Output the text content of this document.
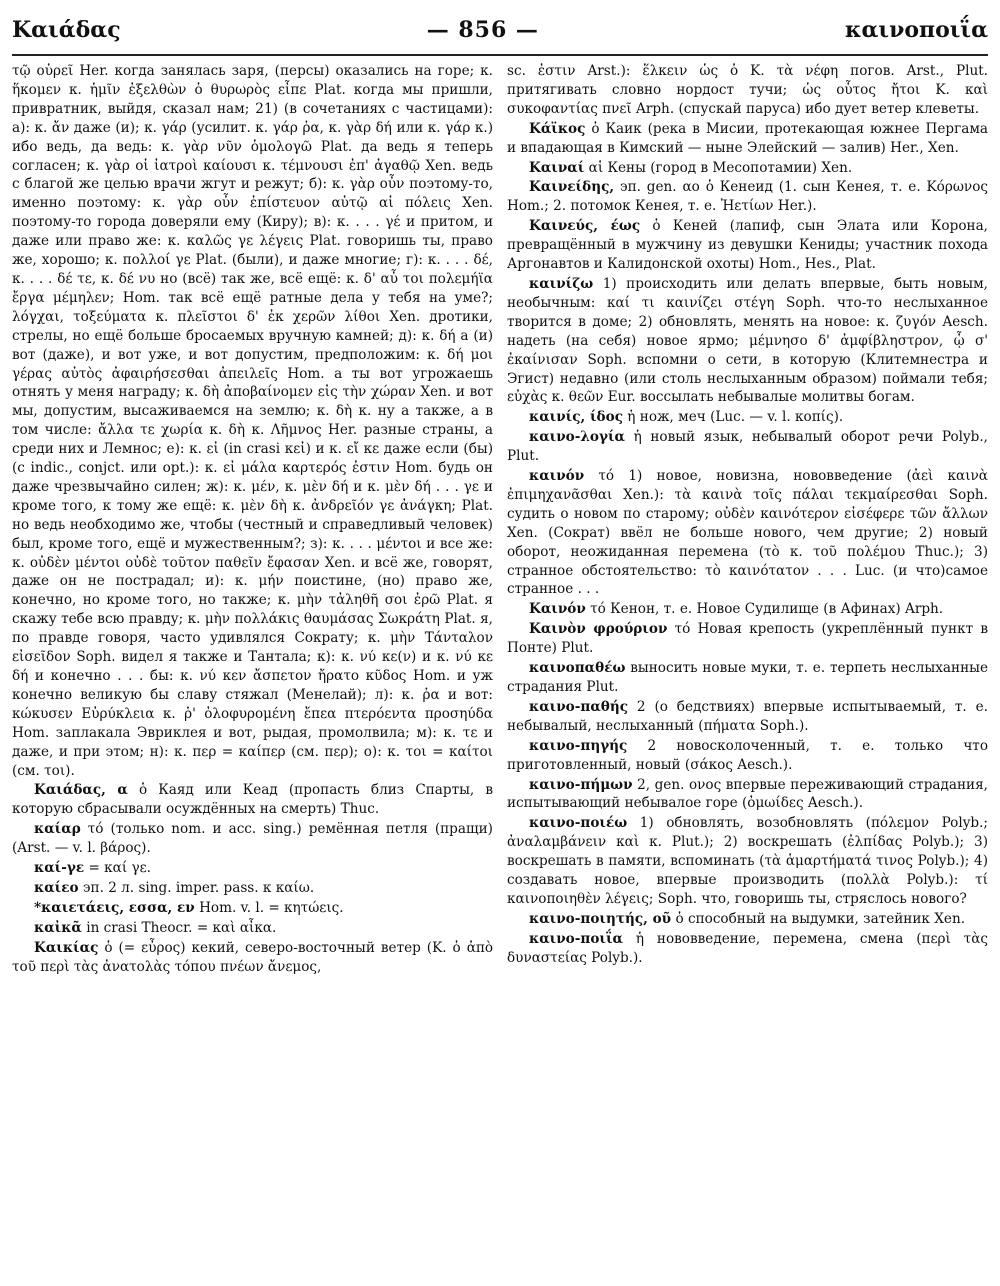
Καιάδας	— 856 —	καινοποιΐα

τῷ οὐρεῖ Her. когда занялась заря, (персы) оказались на горе; κ. ἥκομεν κ. ἡμῖν ἐξελθὼν ὁ θυρωρὸς εἶπε Plat. когда мы пришли, привратник, выйдя, сказал нам; 21) (в сочетаниях с частицами): а): κ. ἄν даже (и); κ. γάρ (усилит. κ. γάρ ῥα, κ. γὰρ δή или κ. γάρ κ.) ибо ведь, да ведь: κ. γὰρ νῦν ὁμολογῶ Plat. да ведь я теперь согласен; κ. γὰρ οἱ ἰατροὶ καίουσι κ. τέμνουσι ἐπ' ἀγαθῷ Xen. ведь с благой же целью врачи жгут и режут; б): κ. γὰρ οὖν поэтому-то, именно поэтому: κ. γὰρ οὖν ἐπίστευον αὐτῷ αἱ πόλεις Xen. поэтому-то города доверяли ему (Киру); в): κ. . . . γέ и притом, и даже или право же: κ. καλῶς γε λέγεις Plat. говоришь ты, право же, хорошо; κ. πολλοί γε Plat. (были), и даже многие; г): κ. . . . δέ, κ. . . . δέ τε, κ. δέ νυ но (всё) так же, всё ещё: κ. δ' αὖ τοι πολεμήϊα ἔργα μέμηλεν; Hom. так всё ещё ратные дела у тебя на уме?; λόγχαι, τοξεύματα κ. πλεῖστοι δ' ἐκ χερῶν λίθοι Xen. дротики, стрелы, но ещё больше бросаемых вручную камней; д): κ. δή а (и) вот (даже), и вот уже, и вот допустим, предположим: κ. δή μοι γέρας αὐτὸς ἀφαιρήσεσθαι ἀπειλεῖς Hom. а ты вот угрожаешь отнять у меня награду; κ. δὴ ἀποβαίνομεν εἰς τὴν χώραν Xen. и вот мы, допустим, высаживаемся на землю; κ. δὴ κ. ну а также, а в том числе: ἄλλα τε χωρία κ. δὴ κ. Λῆμνος Her. разные страны, а среди них и Лемнос; е): κ. εἰ (in crasi κεἰ) и κ. εἴ κε даже если (бы) (с indic., conjct. или opt.): κ. εἰ μάλα καρτερός ἐστιν Hom. будь он даже чрезвычайно силен; ж): κ. μέν, κ. μὲν δή и κ. μὲν δή . . . γε и кроме того, к тому же ещё: κ. μὲν δὴ κ. ἀνδρεῖόν γε ἀνάγκη; Plat. но ведь необходимо же, чтобы (честный и справедливый человек) был, кроме того, ещё и мужественным?; з): κ. . . . μέντοι и все же: κ. οὐδὲν μέντοι οὐδὲ τοῦτον παθεῖν ἔφασαν Xen. и всё же, говорят, даже он не пострадал; и): κ. μήν поистине, (но) право же, конечно, но кроме того, но также; κ. μὴν τἀληθῆ σοι ἐρῶ Plat. я скажу тебе всю правду; κ. μὴν πολλάκις θαυμάσας Σωκράτη Plat. я, по правде говоря, часто удивлялся Сократу; κ. μὴν Τάνταλον εἰσεῖδον Soph. видел я также и Тантала; к): κ. νύ κε(ν) и κ. νύ κε δή и конечно . . . бы: κ. νύ κεν ἄσπετον ἤρατο κῦδος Hom. и уж конечно великую бы славу стяжал (Менелай); л): κ. ῥα и вот: κώκυσεν Εὐρύκλεια κ. ῥ' ὀλοφυρομένη ἔπεα πτερόεντα προσηύδα Hom. заплакала Эвриклея и вот, рыдая, промолвила; м): κ. τε и даже, и при этом; н): κ. περ = καίπερ (см. περ); о): κ. τοι = καίτοι (см. τοι).

Καιάδας, α ὁ Каяд или Кеад (пропасть близ Спарты, в которую сбрасывали осуждённых на смерть) Thuc.

καίαρ τό (только nom. и acc. sing.) ремённая петля (пращи) (Arst. — v. l. βάρος).

καί-γε = καί γε.

καίεο эп. 2 л. sing. imper. pass. к καίω.

*καιετάεις, εσσα, εν Hom. v. l. = κητώεις.

καἰκᾶ in crasi Theocr. = καὶ αἶκα.

Καικίας ὁ (= εὖρος) кекий, северо-восточный ветер (Κ. ὁ ἀπὸ τοῦ περὶ τὰς ἀνατολὰς τόπου πνέων ἄνεμος,

sc. ἐστιν Arst.): ἕλκειν ὡς ὁ Κ. τὰ νέφη погов. Arst., Plut. притягивать словно нордост тучи; ὡς οὗτος ἤτοι Κ. καὶ συκοφαντίας πνεῖ Arph. (спускай паруса) ибо дует ветер клеветы.

Κάϊκος ὁ Каик (река в Мисии, протекающая южнее Пергама и впадающая в Кимский — ныне Элейский — залив) Her., Xen.

Καιναί αἱ Кены (город в Месопотамии) Xen.

Καινείδης, эп. gen. αο ὁ Кенеид (1. сын Кенея, т. е. Κόρωνος Hom.; 2. потомок Кенея, т. е. Ἠετίων Her.).

Καινεύς, έως ὁ Кеней (лапиф, сын Элата или Корона, превращённый в мужчину из девушки Кениды; участник похода Аргонавтов и Калидонской охоты) Hom., Hes., Plat.

καινίζω 1) происходить или делать впервые, быть новым, необычным: καί τι καινίζει στέγη Soph. что-то неслыханное творится в доме; 2) обновлять, менять на новое: κ. ζυγόν Aesch. надеть (на себя) новое ярмо; μέμνησο δ' ἀμφίβληστρον, ᾧ σ' ἐκαίνισαν Soph. вспомни о сети, в которую (Клитемнестра и Эгист) недавно (или столь неслыханным образом) поймали тебя; εὐχὰς κ. θεῶν Eur. воссылать небывалые молитвы богам.

καινίς, ίδος ἡ нож, меч (Luc. — v. l. κοπίς).

καινο-λογία ἡ новый язык, небывалый оборот речи Polyb., Plut.

καινόν τό 1) новое, новизна, нововведение (ἀεὶ καινὰ ἐπιμηχανᾶσθαι Xen.): τὰ καινὰ τοῖς πάλαι τεκμαίρεσθαι Soph. судить о новом по старому; οὐδὲν καινότερον εἰσέφερε τῶν ἄλλων Xen. (Сократ) ввёл не больше нового, чем другие; 2) новый оборот, неожиданная перемена (τὸ κ. τοῦ πολέμου Thuc.); 3) странное обстоятельство: τὸ καινότατον . . . Luc. (и что)самое странное . . .

Καινόν τό Кенон, т. е. Новое Судилище (в Афинах) Arph.

Καινὸν φρούριον τό Новая крепость (укреплённый пункт в Понте) Plut.

καινοπαθέω выносить новые муки, т. е. терпеть неслыханные страдания Plut.

καινο-παθής 2 (о бедствиях) впервые испытываемый, т. е. небывалый, неслыханный (πήματα Soph.).

καινο-πηγής 2 новосколоченный, т. е. только что приготовленный, новый (σάκος Aesch.).

καινο-πήμων 2, gen. ονος впервые переживающий страдания, испытывающий небывалое горе (ὀμωίδες Aesch.).

καινο-ποιέω 1) обновлять, возобновлять (πόλεμον Polyb.; ἀναλαμβάνειν καὶ κ. Plut.); 2) воскрешать (ἐλπίδας Polyb.); 3) воскрешать в памяти, вспоминать (τὰ ἁμαρτήματά τινος Polyb.); 4) создавать новое, впервые производить (πολλὰ Polyb.): τί καινοποιηθὲν λέγεις; Soph. что, говоришь ты, стряслось нового?

καινο-ποιητής, οῦ ὁ способный на выдумки, затейник Xen.

καινο-ποιΐα ἡ нововведение, перемена, смена (περὶ τὰς δυναστείας Polyb.).
